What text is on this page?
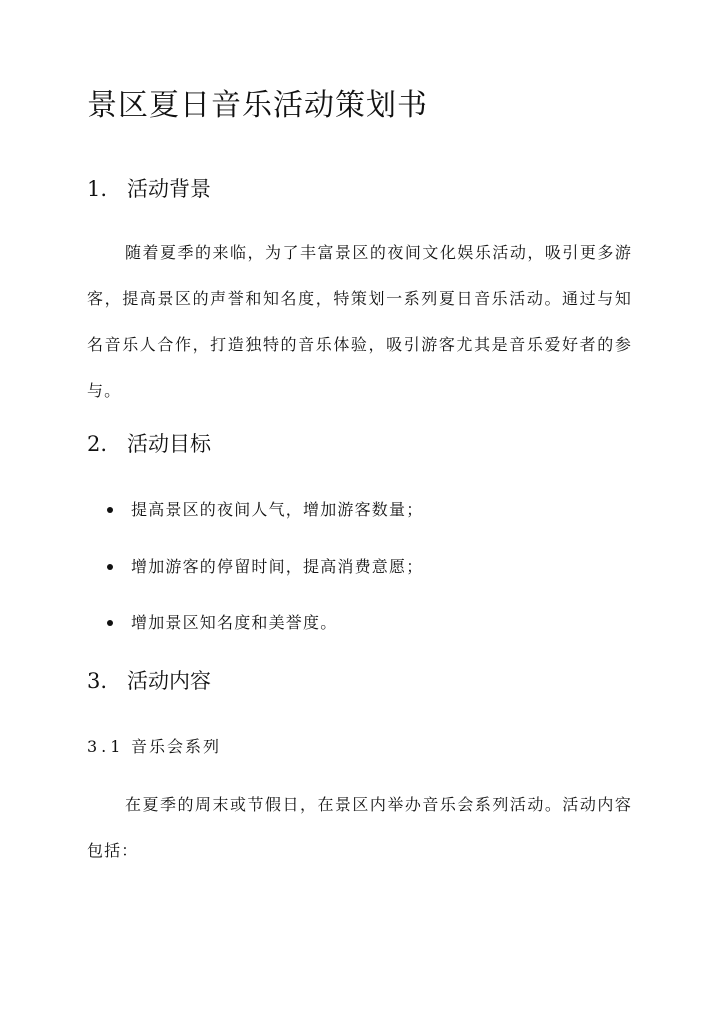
景区夏日音乐活动策划书
1. 活动背景

随着夏季的来临，为了丰富景区的夜间文化娱乐活动，吸引更多游客，提高景区的声誉和知名度，特策划一系列夏日音乐活动。通过与知名音乐人合作，打造独特的音乐体验，吸引游客尤其是音乐爱好者的参与。

2. 活动目标
提高景区的夜间人气，增加游客数量；
增加游客的停留时间，提高消费意愿；
增加景区知名度和美誉度。
3. 活动内容
3.1 音乐会系列

在夏季的周末或节假日，在景区内举办音乐会系列活动。活动内容包括：
